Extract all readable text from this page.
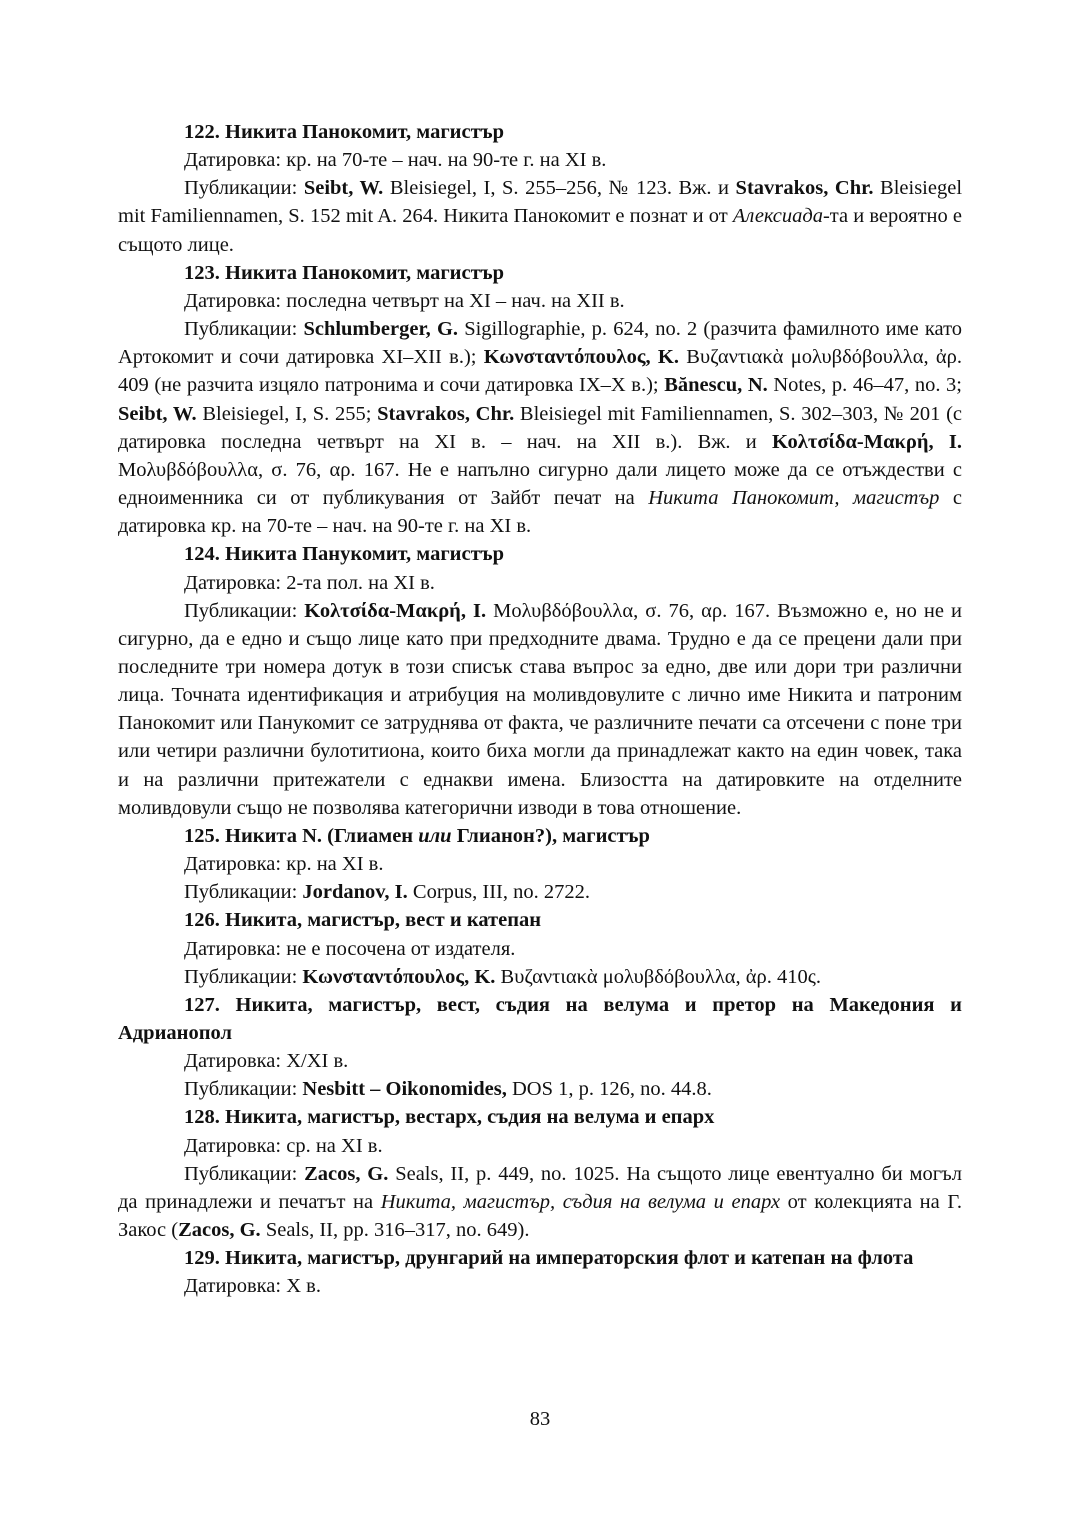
122. Никита Панокомит, магистър

Датировка: кр. на 70-те – нач. на 90-те г. на XI в.

Публикации: Seibt, W. Bleisiegel, I, S. 255–256, № 123. Вж. и Stavrakos, Chr. Bleisiegel mit Familiennamen, S. 152 mit A. 264. Никита Панокомит е познат и от Алексиада-та и вероятно е същото лице.

123. Никита Панокомит, магистър

Датировка: последна четвърт на XI – нач. на XII в.

Публикации: Schlumberger, G. Sigillographie, p. 624, no. 2 (разчита фамилното име като Артокомит и сочи датировка XI–XII в.); Κωνσταντόπουλος, Κ. Βυζαντιακὰ μολυβδόβουλλα, ἀρ. 409 (не разчита изцяло патронима и сочи датировка IX–X в.); Bănescu, N. Notes, p. 46–47, no. 3; Seibt, W. Bleisiegel, I, S. 255; Stavrakos, Chr. Bleisiegel mit Familiennamen, S. 302–303, № 201 (с датировка последна четвърт на XI в. – нач. на XII в.). Вж. и Κολτσίδα-Μακρή, Ι. Μολυβδόβουλλα, σ. 76, αρ. 167. Не е напълно сигурно дали лицето може да се отъждестви с едноименника си от публикувания от Зайбт печат на Никита Панокомит, магистър с датировка кр. на 70-те – нач. на 90-те г. на XI в.

124. Никита Панукомит, магистър

Датировка: 2-та пол. на XI в.

Публикации: Κολτσίδα-Μακρή, Ι. Μολυβδόβουλλα, σ. 76, αρ. 167. Възможно е, но не и сигурно, да е едно и също лице като при предходните двама. Трудно е да се прецени дали при последните три номера дотук в този списък става въпрос за едно, две или дори три различни лица. Точната идентификация и атрибуция на моливдовулите с лично име Никита и патроним Панокомит или Панукомит се затруднява от факта, че различните печати са отсечени с поне три или четири различни булотитиона, които биха могли да принадлежат както на един човек, така и на различни притежатели с еднакви имена. Близостта на датировките на отделните моливдовули също не позволява категорични изводи в това отношение.

125. Никита N. (Глиамен или Глианон?), магистър

Датировка: кр. на XI в.

Публикации: Jordanov, I. Corpus, III, no. 2722.

126. Никита, магистър, вест и катепан

Датировка: не е посочена от издателя.

Публикации: Κωνσταντόπουλος, Κ. Βυζαντιακὰ μολυβδόβουλλα, ἀρ. 410ς.

127. Никита, магистър, вест, съдия на велума и претор на Македония и Адрианопол

Датировка: X/XI в.

Публикации: Nesbitt – Oikonomides, DOS 1, p. 126, no. 44.8.

128. Никита, магистър, вестарх, съдия на велума и епарх

Датировка: ср. на XI в.

Публикации: Zacos, G. Seals, II, p. 449, no. 1025. На същото лице евентуално би могъл да принадлежи и печатът на Никита, магистър, съдия на велума и епарх от колекцията на Г. Закос (Zacos, G. Seals, II, pp. 316–317, no. 649).

129. Никита, магистър, друнгарий на императорския флот и катепан на флота

Датировка: X в.

83
